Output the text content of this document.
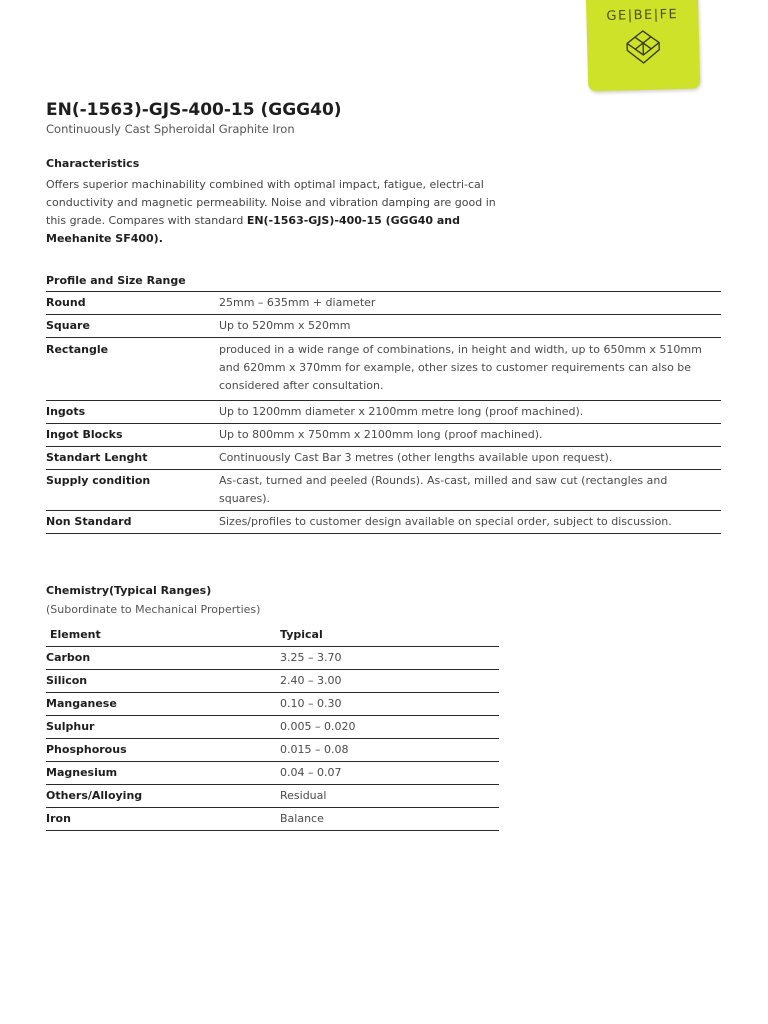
GE|BE|FE
EN(-1563)-GJS-400-15 (GGG40)
Continuously Cast Spheroidal Graphite Iron
Characteristics
Offers superior machinability combined with optimal impact, fatigue, electri-cal conductivity and magnetic permeability. Noise and vibration damping are good in this grade. Compares with standard EN(-1563-GJS)-400-15 (GGG40 and Meehanite SF400).
Profile and Size Range
Round	25mm – 635mm + diameter
Square	Up to 520mm x 520mm
Rectangle	produced in a wide range of combinations, in height and width, up to 650mm x 510mm and 620mm x 370mm for example, other sizes to customer requirements can also be considered after consultation.
Ingots	Up to 1200mm diameter x 2100mm metre long (proof machined).
Ingot Blocks	Up to 800mm x 750mm x 2100mm long (proof machined).
Standart Lenght	Continuously Cast Bar 3 metres (other lengths available upon request).
Supply condition	As-cast, turned and peeled (Rounds). As-cast, milled and saw cut (rectangles and squares).
Non Standard	Sizes/profiles to customer design available on special order, subject to discussion.
Chemistry(Typical Ranges)
(Subordinate to Mechanical Properties)
Element	Typical
Carbon	3.25 – 3.70
Silicon	2.40 – 3.00
Manganese	0.10 – 0.30
Sulphur	0.005 – 0.020
Phosphorous	0.015 – 0.08
Magnesium	0.04 – 0.07
Others/Alloying	Residual
Iron	Balance
